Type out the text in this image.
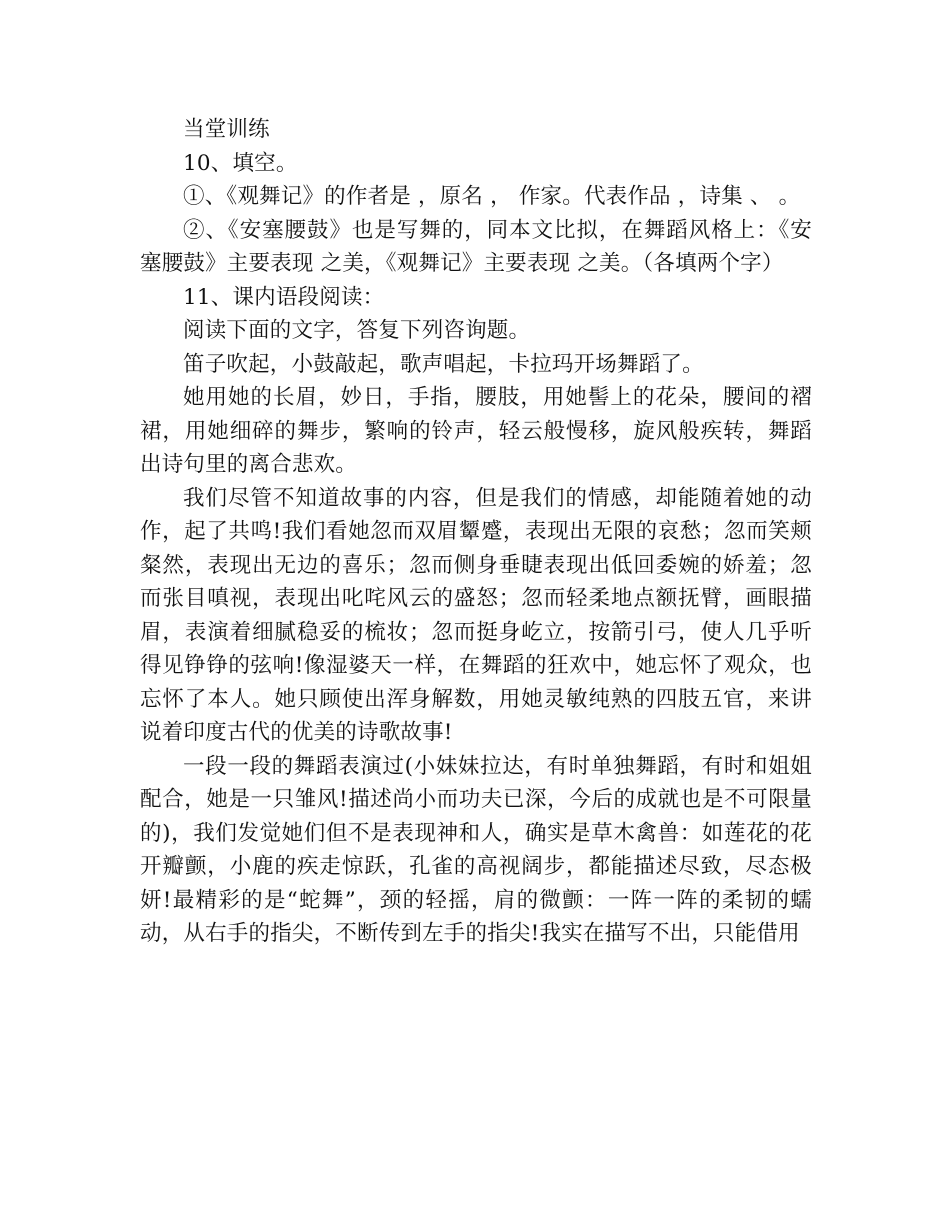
当堂训练

10、填空。

①、《观舞记》的作者是 ，原名 ， 作家。代表作品 ，诗集 、 。

②、《安塞腰鼓》也是写舞的，同本文比拟，在舞蹈风格上：《安塞腰鼓》主要表现 之美，《观舞记》主要表现 之美。（各填两个字）

11、课内语段阅读：

阅读下面的文字，答复下列咨询题。

笛子吹起，小鼓敲起，歌声唱起，卡拉玛开场舞蹈了。

她用她的长眉，妙日，手指，腰肢，用她髻上的花朵，腰间的褶裙，用她细碎的舞步，繁响的铃声，轻云般慢移，旋风般疾转，舞蹈出诗句里的离合悲欢。

我们尽管不知道故事的内容，但是我们的情感，却能随着她的动作，起了共鸣!我们看她忽而双眉颦蹙，表现出无限的哀愁；忽而笑颊粲然，表现出无边的喜乐；忽而侧身垂睫表现出低回委婉的娇羞；忽而张目嗔视，表现出叱咤风云的盛怒；忽而轻柔地点额抚臂，画眼描眉，表演着细腻稳妥的梳妆；忽而挺身屹立，按箭引弓，使人几乎听得见铮铮的弦响!像湿婆天一样，在舞蹈的狂欢中，她忘怀了观众，也忘怀了本人。她只顾使出浑身解数，用她灵敏纯熟的四肢五官，来讲说着印度古代的优美的诗歌故事!

一段一段的舞蹈表演过(小妹妹拉达，有时单独舞蹈，有时和姐姐配合，她是一只雏风!描述尚小而功夫已深，今后的成就也是不可限量的)，我们发觉她们但不是表现神和人，确实是草木禽兽：如莲花的花开瓣颤，小鹿的疾走惊跃，孔雀的高视阔步，都能描述尽致，尽态极妍!最精彩的是“蛇舞”，颈的轻摇，肩的微颤：一阵一阵的柔韧的蠕动，从右手的指尖，不断传到左手的指尖!我实在描写不出，只能借用
